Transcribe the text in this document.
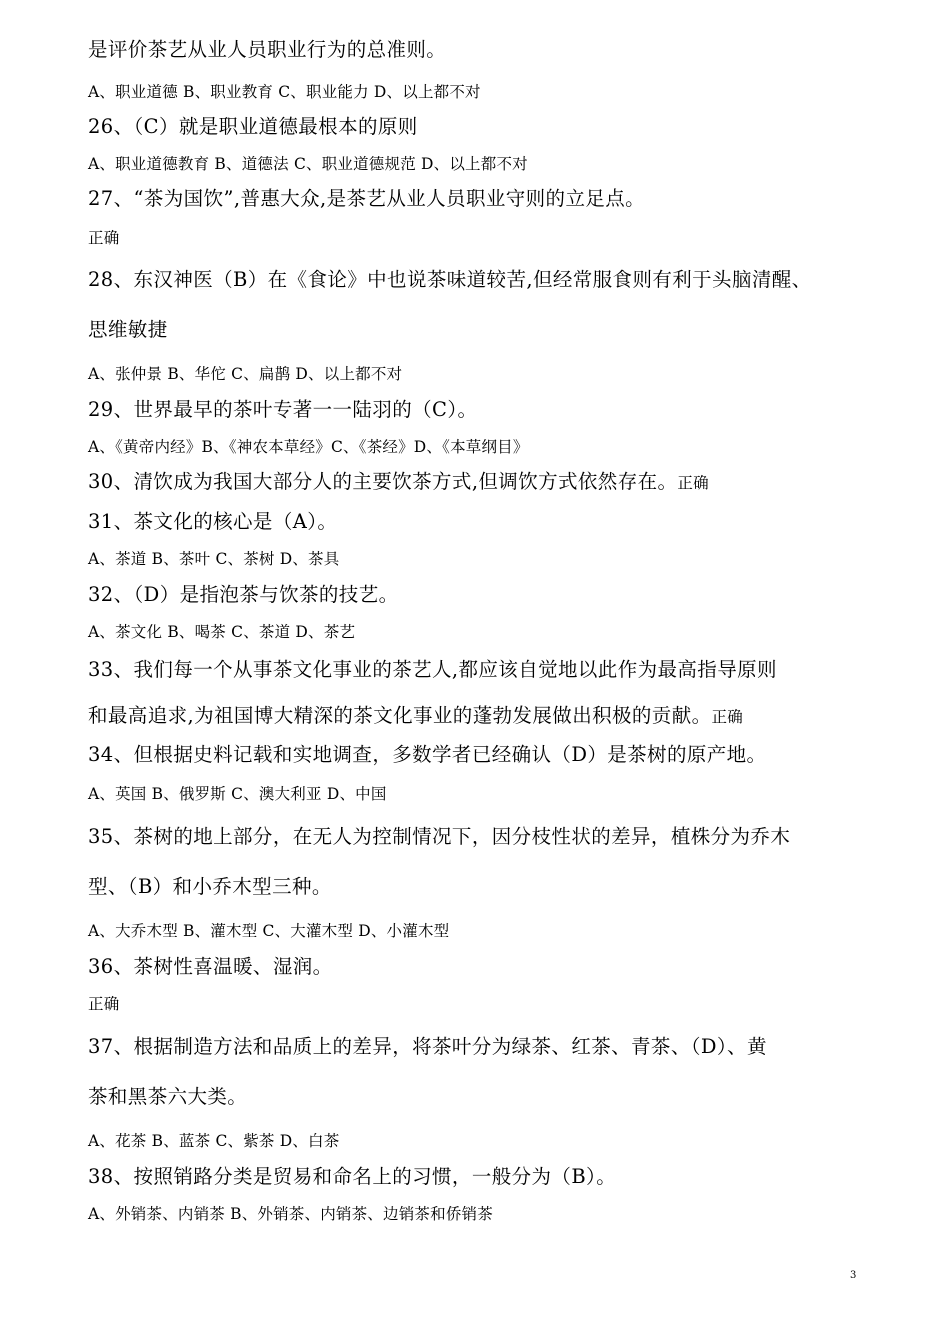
是评价茶艺从业人员职业行为的总准则。
A、职业道德 B、职业教育 C、职业能力 D、以上都不对
26、（C）就是职业道德最根本的原则
A、职业道德教育 B、道德法 C、职业道德规范 D、以上都不对
27、“茶为国饮”,普惠大众,是茶艺从业人员职业守则的立足点。
正确
28、东汉神医（B）在《食论》中也说茶味道较苦,但经常服食则有利于头脑清醒、
思维敏捷
A、张仲景 B、华佗 C、扁鹊 D、以上都不对
29、世界最早的茶叶专著一一陆羽的（C）。
A、《黄帝内经》B、《神农本草经》C、《茶经》D、《本草纲目》
30、清饮成为我国大部分人的主要饮茶方式,但调饮方式依然存在。正确
31、茶文化的核心是（A）。
A、茶道 B、茶叶 C、茶树 D、茶具
32、（D）是指泡茶与饮茶的技艺。
A、茶文化 B、喝茶 C、茶道 D、茶艺
33、我们每一个从事茶文化事业的茶艺人,都应该自觉地以此作为最高指导原则
和最高追求,为祖国博大精深的茶文化事业的蓬勃发展做出积极的贡献。正确
34、但根据史料记载和实地调查，多数学者已经确认（D）是茶树的原产地。
A、英国 B、俄罗斯 C、澳大利亚 D、中国
35、茶树的地上部分，在无人为控制情况下，因分枝性状的差异，植株分为乔木
型、（B）和小乔木型三种。
A、大乔木型 B、灌木型 C、大灌木型 D、小灌木型
36、茶树性喜温暖、湿润。
正确
37、根据制造方法和品质上的差异，将茶叶分为绿茶、红茶、青茶、（D）、黄
茶和黑茶六大类。
A、花茶 B、蓝茶 C、紫茶 D、白茶
38、按照销路分类是贸易和命名上的习惯，一般分为（B）。
A、外销茶、内销茶 B、外销茶、内销茶、边销茶和侨销茶
3
